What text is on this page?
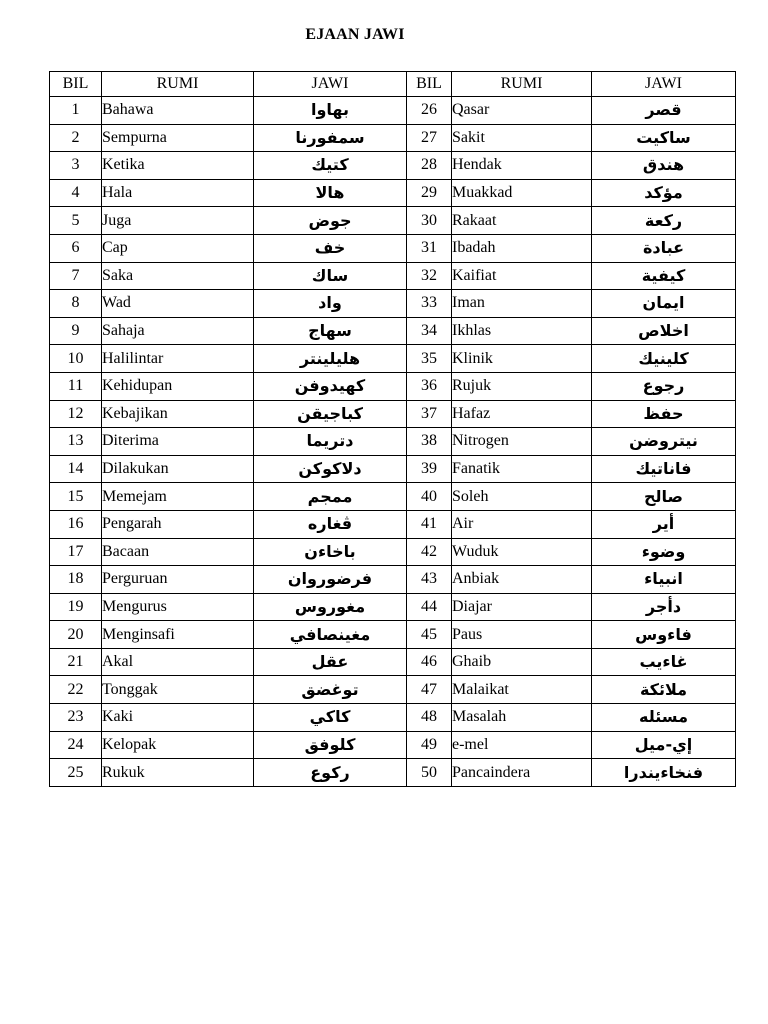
EJAAN JAWI
BIL	RUMI	JAWI	BIL	RUMI	JAWI
1	Bahawa	بهاوا	26	Qasar	قصر
2	Sempurna	سمفورنا	27	Sakit	ساكيت
3	Ketika	كتيك	28	Hendak	هندق
4	Hala	هالا	29	Muakkad	مؤكد
5	Juga	جوض	30	Rakaat	ركعة
6	Cap	خف	31	Ibadah	عبادة
7	Saka	ساك	32	Kaifiat	كيفية
8	Wad	واد	33	Iman	ايمان
9	Sahaja	سهاج	34	Ikhlas	اخلاص
10	Halilintar	هليلينتر	35	Klinik	كلينيك
11	Kehidupan	كهيدوفن	36	Rujuk	رجوع
12	Kebajikan	كباجيقن	37	Hafaz	حفظ
13	Diterima	دتريما	38	Nitrogen	نيتروضن
14	Dilakukan	دلاكوكن	39	Fanatik	فاناتيك
15	Memejam	ممجم	40	Soleh	صالح
16	Pengarah	ڤغاره	41	Air	أير
17	Bacaan	باخاءن	42	Wuduk	وضوء
18	Perguruan	فرضوروان	43	Anbiak	انبياء
19	Mengurus	مغوروس	44	Diajar	دأجر
20	Menginsafi	مغينصافي	45	Paus	فاءوس
21	Akal	عقل	46	Ghaib	غاءيب
22	Tonggak	توغضق	47	Malaikat	ملائكة
23	Kaki	كاكي	48	Masalah	مسئله
24	Kelopak	كلوفق	49	e-mel	إي-ميل
25	Rukuk	ركوع	50	Pancaindera	فنخاءيندرا
